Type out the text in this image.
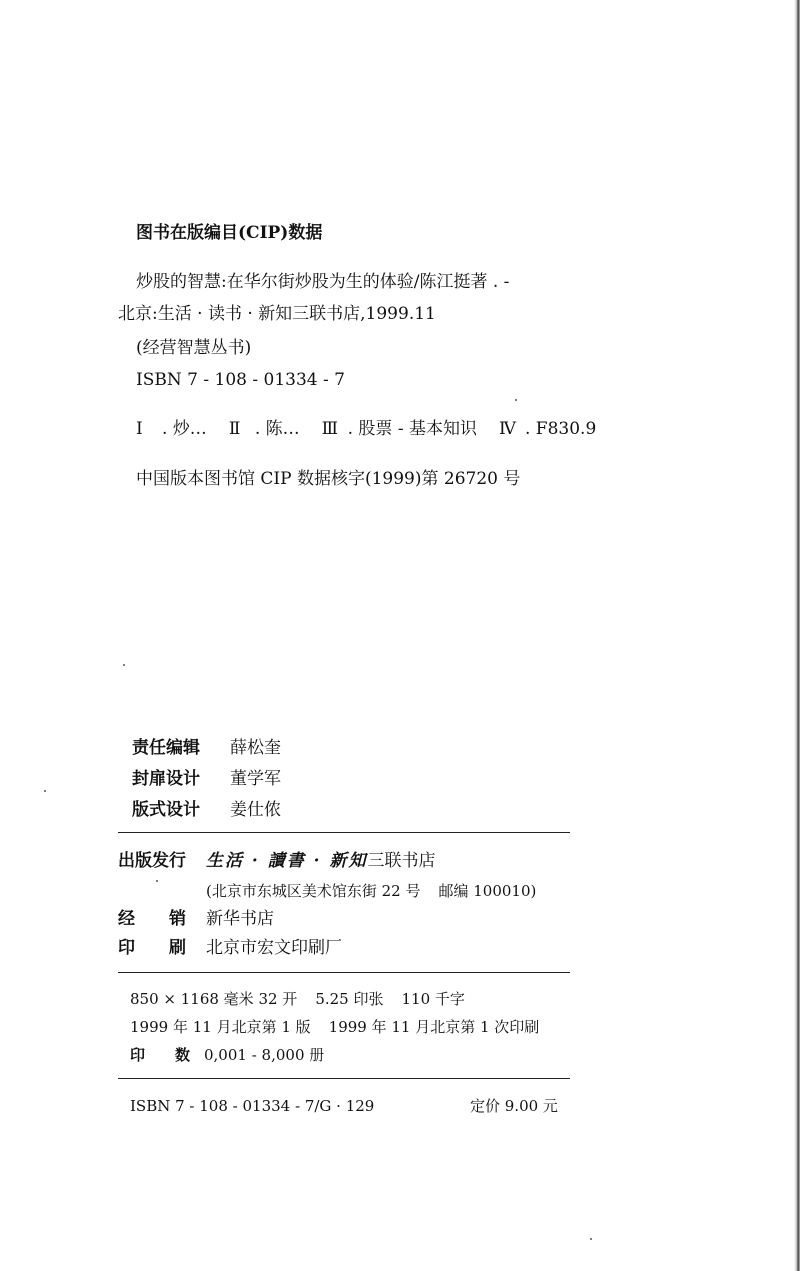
图书在版编目(CIP)数据
炒股的智慧:在华尔街炒股为生的体验/陈江挺著 . -
北京:生活 · 读书 · 新知三联书店,1999.11
(经营智慧丛书)
ISBN 7 - 108 - 01334 - 7
Ⅰ . 炒… Ⅱ . 陈… Ⅲ . 股票 - 基本知识 Ⅳ . F830.9
中国版本图书馆 CIP 数据核字(1999)第 26720 号
责任编辑 薛松奎
封扉设计 董学军
版式设计 姜仕侬
出版发行 生活 · 讀書 · 新知三联书店
(北京市东城区美术馆东街 22 号 邮编 100010)
经　　销 新华书店
印　　刷 北京市宏文印刷厂
850 × 1168 毫米 32 开 5.25 印张 110 千字
1999 年 11 月北京第 1 版 1999 年 11 月北京第 1 次印刷
印　　数 0,001 - 8,000 册
ISBN 7 - 108 - 01334 - 7/G · 129	定价 9.00 元
